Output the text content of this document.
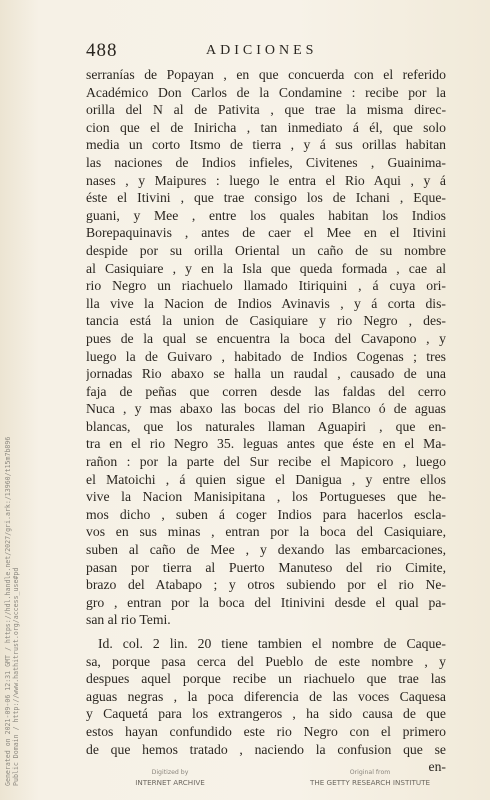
488	ADICIONES
serranías de Popayan , en que concuerda con el referido
Académico Don Carlos de la Condamine : recibe por la
orilla del N al de Pativita , que trae la misma direc-
cion que el de Iniricha , tan inmediato á él, que solo
media un corto Itsmo de tierra , y á sus orillas habitan
las naciones de Indios infieles, Civitenes , Guainima-
nases , y Maipures : luego le entra el Rio Aqui , y á
éste el Itivini , que trae consigo los de Ichani , Eque-
guani, y Mee , entre los quales habitan los Indios
Borepaquinavis , antes de caer el Mee en el Itivini
despide por su orilla Oriental un caño de su nombre
al Casiquiare , y en la Isla que queda formada , cae al
rio Negro un riachuelo llamado Itiriquini , á cuya ori-
lla vive la Nacion de Indios Avinavis , y á corta dis-
tancia está la union de Casiquiare y rio Negro , des-
pues de la qual se encuentra la boca del Cavapono , y
luego la de Guivaro , habitado de Indios Cogenas ; tres
jornadas Rio abaxo se halla un raudal , causado de una
faja de peñas que corren desde las faldas del cerro
Nuca , y mas abaxo las bocas del rio Blanco ó de aguas
blancas, que los naturales llaman Aguapiri , que en-
tra en el rio Negro 35. leguas antes que éste en el Ma-
rañon : por la parte del Sur recibe el Mapicoro , luego
el Matoichi , á quien sigue el Danigua , y entre ellos
vive la Nacion Manisipitana , los Portugueses que he-
mos dicho , suben á coger Indios para hacerlos escla-
vos en sus minas , entran por la boca del Casiquiare,
suben al caño de Mee , y dexando las embarcaciones,
pasan por tierra al Puerto Manuteso del rio Cimite,
brazo del Atabapo ; y otros subiendo por el rio Ne-
gro , entran por la boca del Itinivini desde el qual pa-
san al rio Temi.
Id. col. 2 lin. 20 tiene tambien el nombre de Caque-
sa, porque pasa cerca del Pueblo de este nombre , y
despues aquel porque recibe un riachuelo que trae las
aguas negras , la poca diferencia de las voces Caquesa
y Caquetá para los extrangeros , ha sido causa de que
estos hayan confundido este rio Negro con el primero
de que hemos tratado , naciendo la confusion que se
en-
Generated on 2021-09-06 12:31 GMT / https://hdl.handle.net/2027/gri.ark:/13960/t15m7b896 Public Domain / http://www.hathitrust.org/access_use#pd	Digitized by
INTERNET ARCHIVE
Original from
THE GETTY RESEARCH INSTITUTE
